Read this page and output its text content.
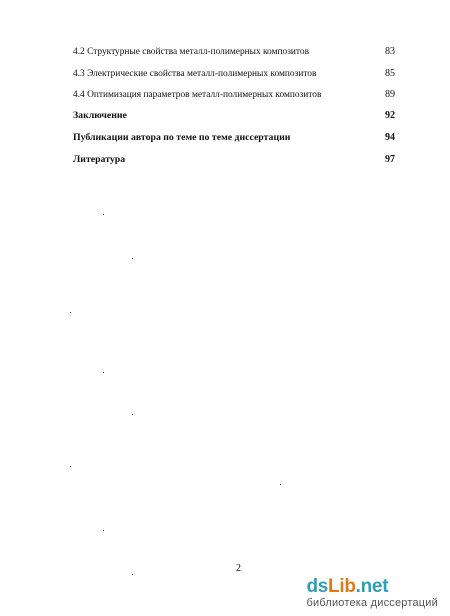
4.2 Структурные свойства металл-полимерных композитов	83
4.3 Электрические свойства металл-полимерных композитов	85
4.4 Оптимизация параметров металл-полимерных композитов	89
Заключение	92
Публикации автора по теме по теме диссертации	94
Литература	97
2
dsLib.net
библиотека диссертаций
